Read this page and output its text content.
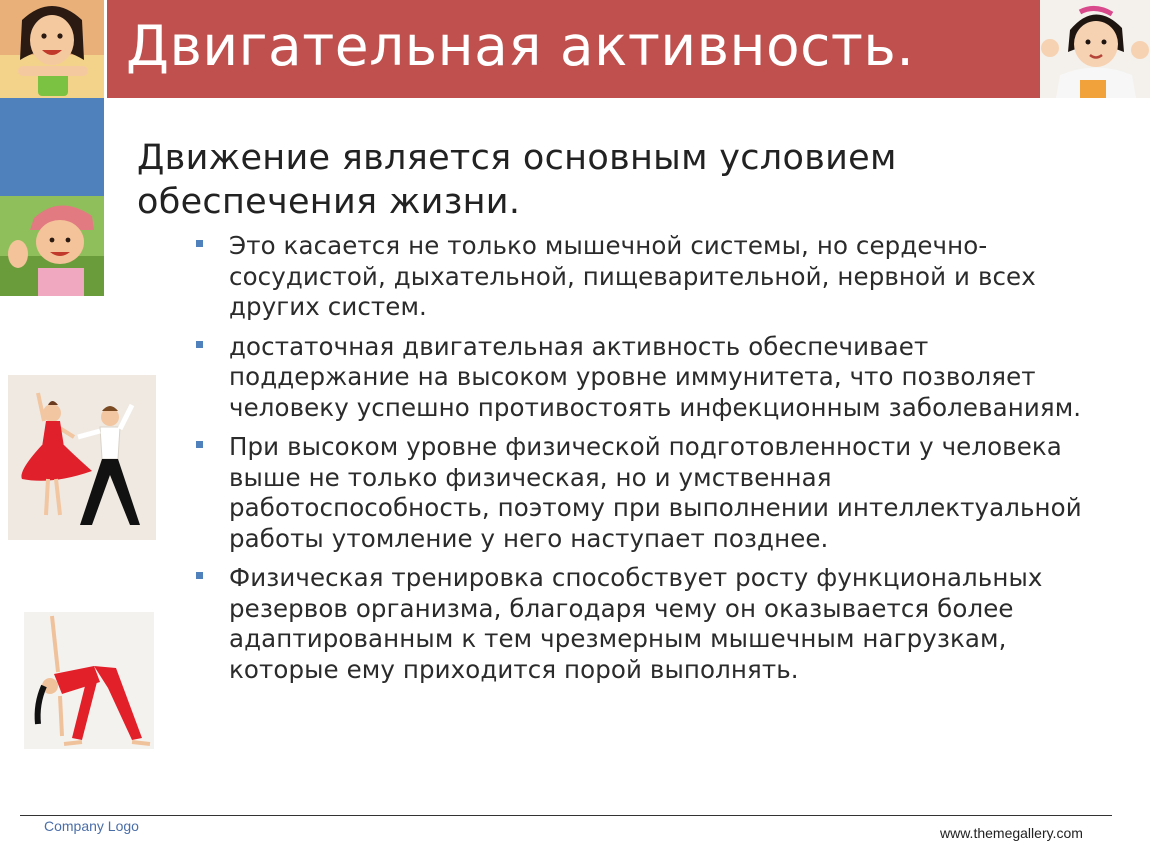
Двигательная активность.
Движение является основным условием обеспечения жизни.
Это касается не только мышечной системы, но сердечно-сосудистой, дыхательной, пищеварительной, нервной и всех других систем.
достаточная двигательная активность обеспечивает поддержание на высоком уровне иммунитета, что позволяет человеку успешно противостоять инфекционным заболеваниям.
При высоком уровне физической подготовленности у человека выше не только физическая, но и умственная работоспособность, поэтому при выполнении интеллектуальной работы утомление у него наступает позднее.
Физическая тренировка способствует росту функциональных резервов организма, благодаря чему он оказывается более адаптированным к тем чрезмерным мышечным нагрузкам, которые ему приходится порой выполнять.
Company Logo	www.themegallery.com
